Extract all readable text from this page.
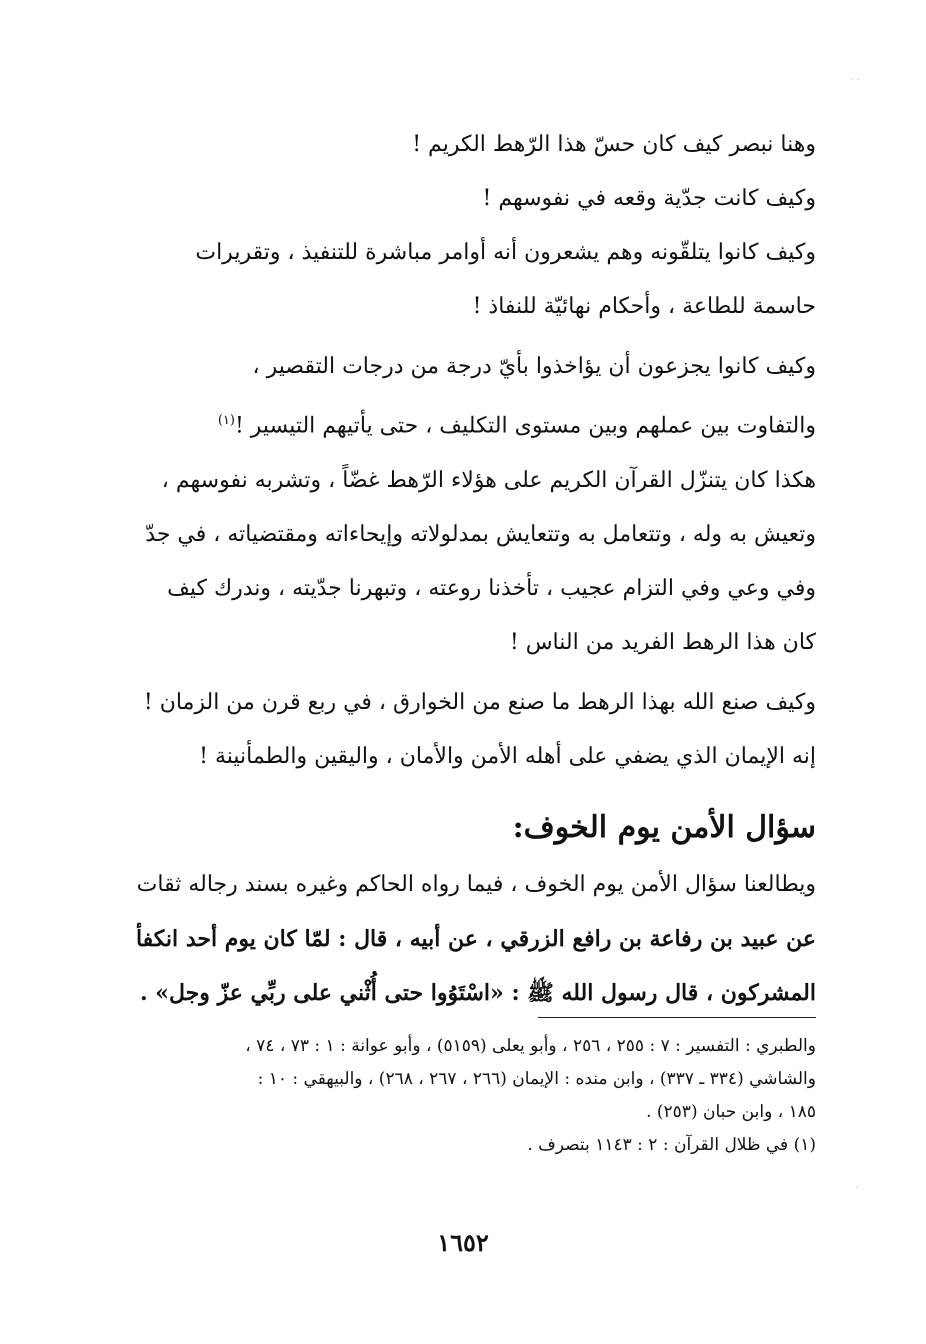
. .
.
وهنا نبصر كيف كان حسّ هذا الرّهط الكريم !
وكيف كانت جدّية وقعه في نفوسهم !
وكيف كانوا يتلقّونه وهم يشعرون أنه أوامر مباشرة للتنفيذ ، وتقريرات
حاسمة للطاعة ، وأحكام نهائيّة للنفاذ !
وكيف كانوا يجزعون أن يؤاخذوا بأيّ درجة من درجات التقصير ،
والتفاوت بين عملهم وبين مستوى التكليف ، حتى يأتيهم التيسير !$^{(١)}$
هكذا كان يتنزّل القرآن الكريم على هؤلاء الرّهط غضّاً ، وتشربه نفوسهم ،
وتعيش به وله ، وتتعامل به وتتعايش بمدلولاته وإيحاءاته ومقتضياته ، في جدّ
وفي وعي وفي التزام عجيب ، تأخذنا روعته ، وتبهرنا جدّيته ، وندرك كيف
كان هذا الرهط الفريد من الناس !
وكيف صنع الله بهذا الرهط ما صنع من الخوارق ، في ربع قرن من الزمان !
إنه الإيمان الذي يضفي على أهله الأمن والأمان ، واليقين والطمأنينة !
سؤال الأمن يوم الخوف:
ويطالعنا سؤال الأمن يوم الخوف ، فيما رواه الحاكم وغيره بسند رجاله ثقات
عن عبيد بن رفاعة بن رافع الزرقي ، عن أبيه ، قال : لمّا كان يوم أحد انكفأ
المشركون ، قال رسول الله ﷺ : «اسْتَوُوا حتى أُثْني على ربِّي عزّ وجل» .
والطبري : التفسير : ٧ : ٢٥٥ ، ٢٥٦ ، وأبو يعلى (٥١٥٩) ، وأبو عوانة : ١ : ٧٣ ، ٧٤ ،
والشاشي (٣٣٤ ـ ٣٣٧) ، وابن منده : الإيمان (٢٦٦ ، ٢٦٧ ، ٢٦٨) ، والبيهقي : ١٠ :
١٨٥ ، وابن حبان (٢٥٣) .
(١) في ظلال القرآن : ٢ : ١١٤٣ بتصرف .
١٦٥٢
